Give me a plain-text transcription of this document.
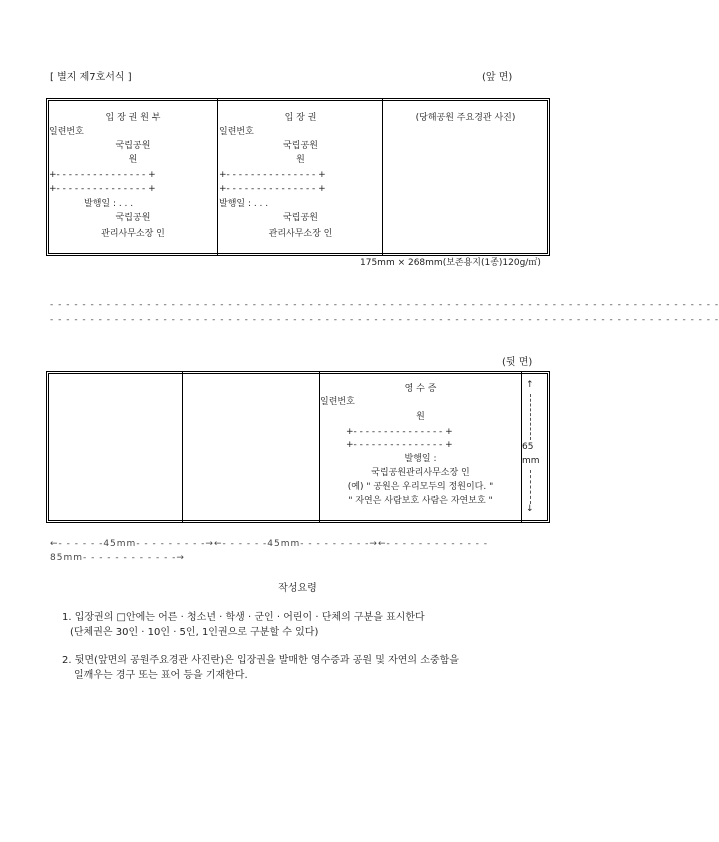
[ 별지 제7호서식 ]	(앞 면)
입 장 권 원 부
일련번호
국립공원
원
+- - - - - - - - - - - - - - - +
+- - - - - - - - - - - - - - - +
발행일 : . . .
국립공원
관리사무소장 인
입 장 권
일련번호
국립공원
원
+- - - - - - - - - - - - - - - +
+- - - - - - - - - - - - - - - +
발행일 : . . .
국립공원
관리사무소장 인
(당해공원 주요경관 사진)
175mm × 268mm(보존용지(1종)120g/㎡)
- - - - - - - - - - - - - - - - - - - - - - - - - - - - - - - - - - - - - - - - - - - - - - - - - - - - - - - - - - - - - - - - - - - - - - - - - - - - - - - - - - -
- - - - - - - - - - - - - - - - - - - - - - - - - - - - - - - - - - - - - - - - - - - - - - - - - - - - - - - - - - - - - - - - - - - - - - - - - - - - - - - - - - -
(뒷 면)
영 수 증
일련번호
원
+- - - - - - - - - - - - - - - +
+- - - - - - - - - - - - - - - +
발행일 :
국립공원관리사무소장 인
(예) " 공원은 우리모두의 정원이다. "
" 자연은 사람보호 사람은 자연보호 "
↑
65
mm
↓
←- - - - - -45mm- - - - - - - - -→←- - - - - -45mm- - - - - - - - -→←- - - - - - - - - - - - -
85mm- - - - - - - - - - - -→
작성요령
1. 입장권의 □안에는 어른 · 청소년 · 학생 · 군인 · 어린이 · 단체의 구분을 표시한다
(단체권은 30인 · 10인 · 5인, 1인권으로 구분할 수 있다)
2. 뒷면(앞면의 공원주요경관 사진란)은 입장권을 발매한 영수증과 공원 및 자연의 소중함을
일깨우는 경구 또는 표어 등을 기재한다.
